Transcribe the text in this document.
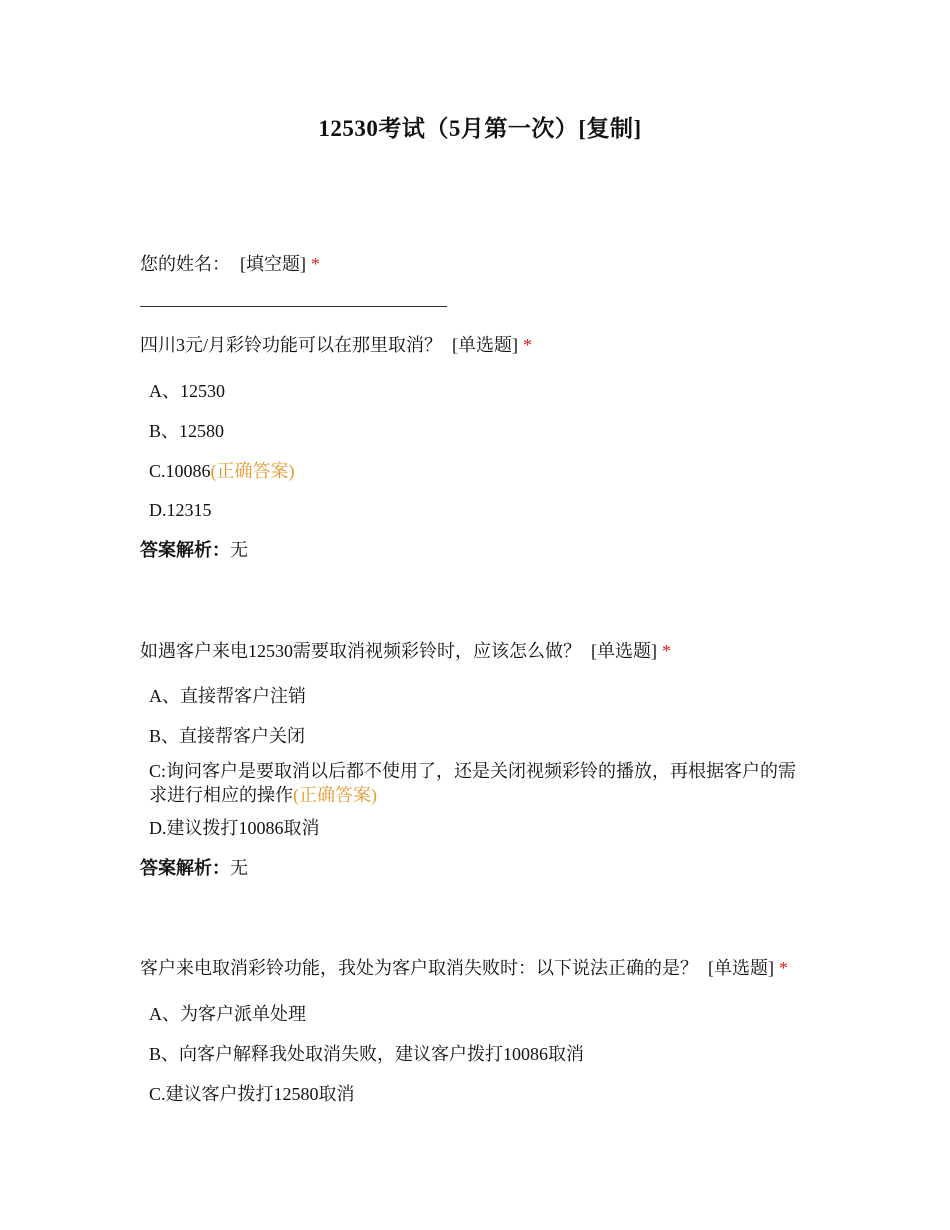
12530考试（5月第一次）[复制]
您的姓名： [填空题] *
四川3元/月彩铃功能可以在那里取消？ [单选题] *
A、12530
B、12580
C.10086(正确答案)
D.12315
答案解析：无
如遇客户来电12530需要取消视频彩铃时，应该怎么做？ [单选题] *
A、直接帮客户注销
B、直接帮客户关闭
C:询问客户是要取消以后都不使用了，还是关闭视频彩铃的播放，再根据客户的需求进行相应的操作(正确答案)
D.建议拨打10086取消
答案解析：无
客户来电取消彩铃功能，我处为客户取消失败时：以下说法正确的是？ [单选题] *
A、为客户派单处理
B、向客户解释我处取消失败，建议客户拨打10086取消
C.建议客户拨打12580取消
